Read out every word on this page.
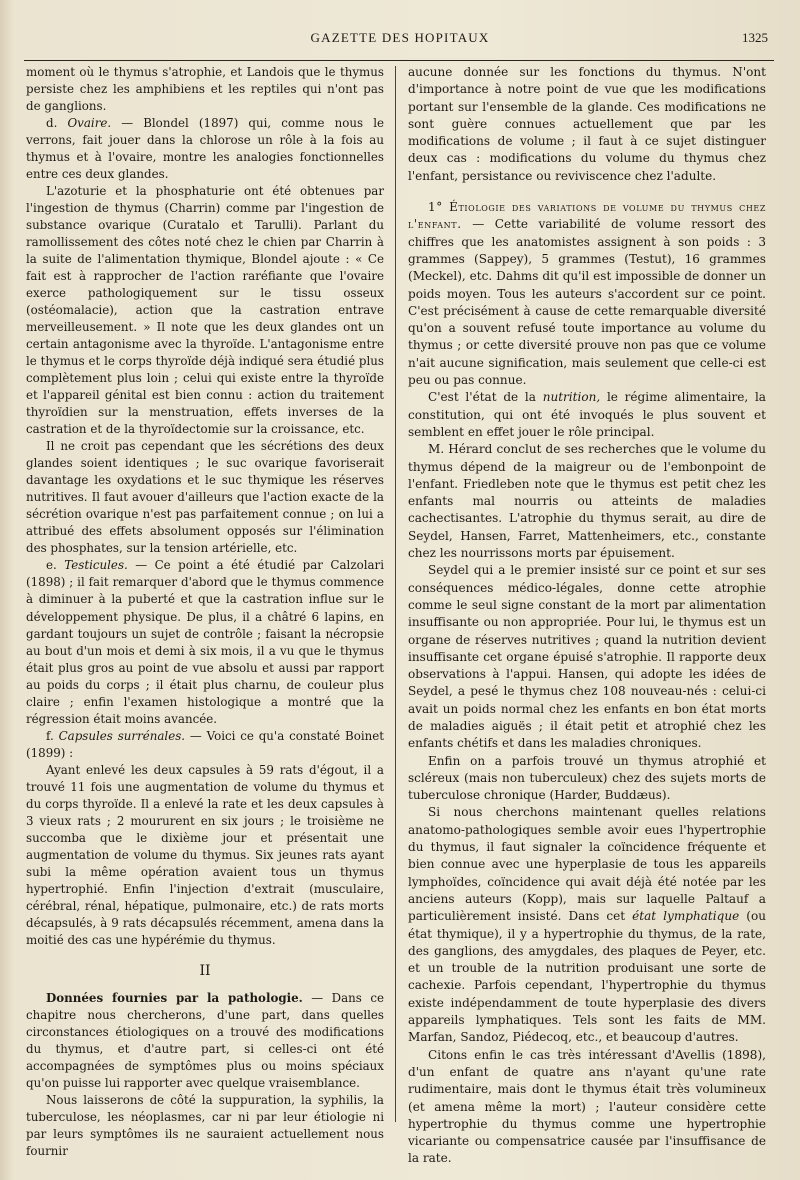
GAZETTE DES HOPITAUX	1325

moment où le thymus s'atrophie, et Landois que le thymus persiste chez les amphibiens et les reptiles qui n'ont pas de ganglions.

d. Ovaire. — Blondel (1897) qui, comme nous le verrons, fait jouer dans la chlorose un rôle à la fois au thymus et à l'ovaire, montre les analogies fonctionnelles entre ces deux glandes.

L'azoturie et la phosphaturie ont été obtenues par l'ingestion de thymus (Charrin) comme par l'ingestion de substance ovarique (Curatalo et Tarulli). Parlant du ramollissement des côtes noté chez le chien par Charrin à la suite de l'alimentation thymique, Blondel ajoute : « Ce fait est à rapprocher de l'action raréfiante que l'ovaire exerce pathologiquement sur le tissu osseux (ostéomalacie), action que la castration entrave merveilleusement. » Il note que les deux glandes ont un certain antagonisme avec la thyroïde. L'antagonisme entre le thymus et le corps thyroïde déjà indiqué sera étudié plus complètement plus loin ; celui qui existe entre la thyroïde et l'appareil génital est bien connu : action du traitement thyroïdien sur la menstruation, effets inverses de la castration et de la thyroïdectomie sur la croissance, etc.

Il ne croit pas cependant que les sécrétions des deux glandes soient identiques ; le suc ovarique favoriserait davantage les oxydations et le suc thymique les réserves nutritives. Il faut avouer d'ailleurs que l'action exacte de la sécrétion ovarique n'est pas parfaitement connue ; on lui a attribué des effets absolument opposés sur l'élimination des phosphates, sur la tension artérielle, etc.

e. Testicules. — Ce point a été étudié par Calzolari (1898) ; il fait remarquer d'abord que le thymus commence à diminuer à la puberté et que la castration influe sur le développement physique. De plus, il a châtré 6 lapins, en gardant toujours un sujet de contrôle ; faisant la nécropsie au bout d'un mois et demi à six mois, il a vu que le thymus était plus gros au point de vue absolu et aussi par rapport au poids du corps ; il était plus charnu, de couleur plus claire ; enfin l'examen histologique a montré que la régression était moins avancée.

f. Capsules surrénales. — Voici ce qu'a constaté Boinet (1899) :

Ayant enlevé les deux capsules à 59 rats d'égout, il a trouvé 11 fois une augmentation de volume du thymus et du corps thyroïde. Il a enlevé la rate et les deux capsules à 3 vieux rats ; 2 moururent en six jours ; le troisième ne succomba que le dixième jour et présentait une augmentation de volume du thymus. Six jeunes rats ayant subi la même opération avaient tous un thymus hypertrophié. Enfin l'injection d'extrait (musculaire, cérébral, rénal, hépatique, pulmonaire, etc.) de rats morts décapsulés, à 9 rats décapsulés récemment, amena dans la moitié des cas une hypérémie du thymus.

II

Données fournies par la pathologie. — Dans ce chapitre nous chercherons, d'une part, dans quelles circonstances étiologiques on a trouvé des modifications du thymus, et d'autre part, si celles-ci ont été accompagnées de symptômes plus ou moins spéciaux qu'on puisse lui rapporter avec quelque vraisemblance.

Nous laisserons de côté la suppuration, la syphilis, la tuberculose, les néoplasmes, car ni par leur étiologie ni par leurs symptômes ils ne sauraient actuellement nous fournir

aucune donnée sur les fonctions du thymus. N'ont d'importance à notre point de vue que les modifications portant sur l'ensemble de la glande. Ces modifications ne sont guère connues actuellement que par les modifications de volume ; il faut à ce sujet distinguer deux cas : modifications du volume du thymus chez l'enfant, persistance ou reviviscence chez l'adulte.

1° Étiologie des variations de volume du thymus chez l'enfant. — Cette variabilité de volume ressort des chiffres que les anatomistes assignent à son poids : 3 grammes (Sappey), 5 grammes (Testut), 16 grammes (Meckel), etc. Dahms dit qu'il est impossible de donner un poids moyen. Tous les auteurs s'accordent sur ce point. C'est précisément à cause de cette remarquable diversité qu'on a souvent refusé toute importance au volume du thymus ; or cette diversité prouve non pas que ce volume n'ait aucune signification, mais seulement que celle-ci est peu ou pas connue.

C'est l'état de la nutrition, le régime alimentaire, la constitution, qui ont été invoqués le plus souvent et semblent en effet jouer le rôle principal.

M. Hérard conclut de ses recherches que le volume du thymus dépend de la maigreur ou de l'embonpoint de l'enfant. Friedleben note que le thymus est petit chez les enfants mal nourris ou atteints de maladies cachectisantes. L'atrophie du thymus serait, au dire de Seydel, Hansen, Farret, Mattenheimers, etc., constante chez les nourrissons morts par épuisement.

Seydel qui a le premier insisté sur ce point et sur ses conséquences médico-légales, donne cette atrophie comme le seul signe constant de la mort par alimentation insuffisante ou non appropriée. Pour lui, le thymus est un organe de réserves nutritives ; quand la nutrition devient insuffisante cet organe épuisé s'atrophie. Il rapporte deux observations à l'appui. Hansen, qui adopte les idées de Seydel, a pesé le thymus chez 108 nouveau-nés : celui-ci avait un poids normal chez les enfants en bon état morts de maladies aiguës ; il était petit et atrophié chez les enfants chétifs et dans les maladies chroniques.

Enfin on a parfois trouvé un thymus atrophié et scléreux (mais non tuberculeux) chez des sujets morts de tuberculose chronique (Harder, Buddæus).

Si nous cherchons maintenant quelles relations anatomo-pathologiques semble avoir eues l'hypertrophie du thymus, il faut signaler la coïncidence fréquente et bien connue avec une hyperplasie de tous les appareils lymphoïdes, coïncidence qui avait déjà été notée par les anciens auteurs (Kopp), mais sur laquelle Paltauf a particulièrement insisté. Dans cet état lymphatique (ou état thymique), il y a hypertrophie du thymus, de la rate, des ganglions, des amygdales, des plaques de Peyer, etc. et un trouble de la nutrition produisant une sorte de cachexie. Parfois cependant, l'hypertrophie du thymus existe indépendamment de toute hyperplasie des divers appareils lymphatiques. Tels sont les faits de MM. Marfan, Sandoz, Piédecoq, etc., et beaucoup d'autres.

Citons enfin le cas très intéressant d'Avellis (1898), d'un enfant de quatre ans n'ayant qu'une rate rudimentaire, mais dont le thymus était très volumineux (et amena même la mort) ; l'auteur considère cette hypertrophie du thymus comme une hypertrophie vicariante ou compensatrice causée par l'insuffisance de la rate.
